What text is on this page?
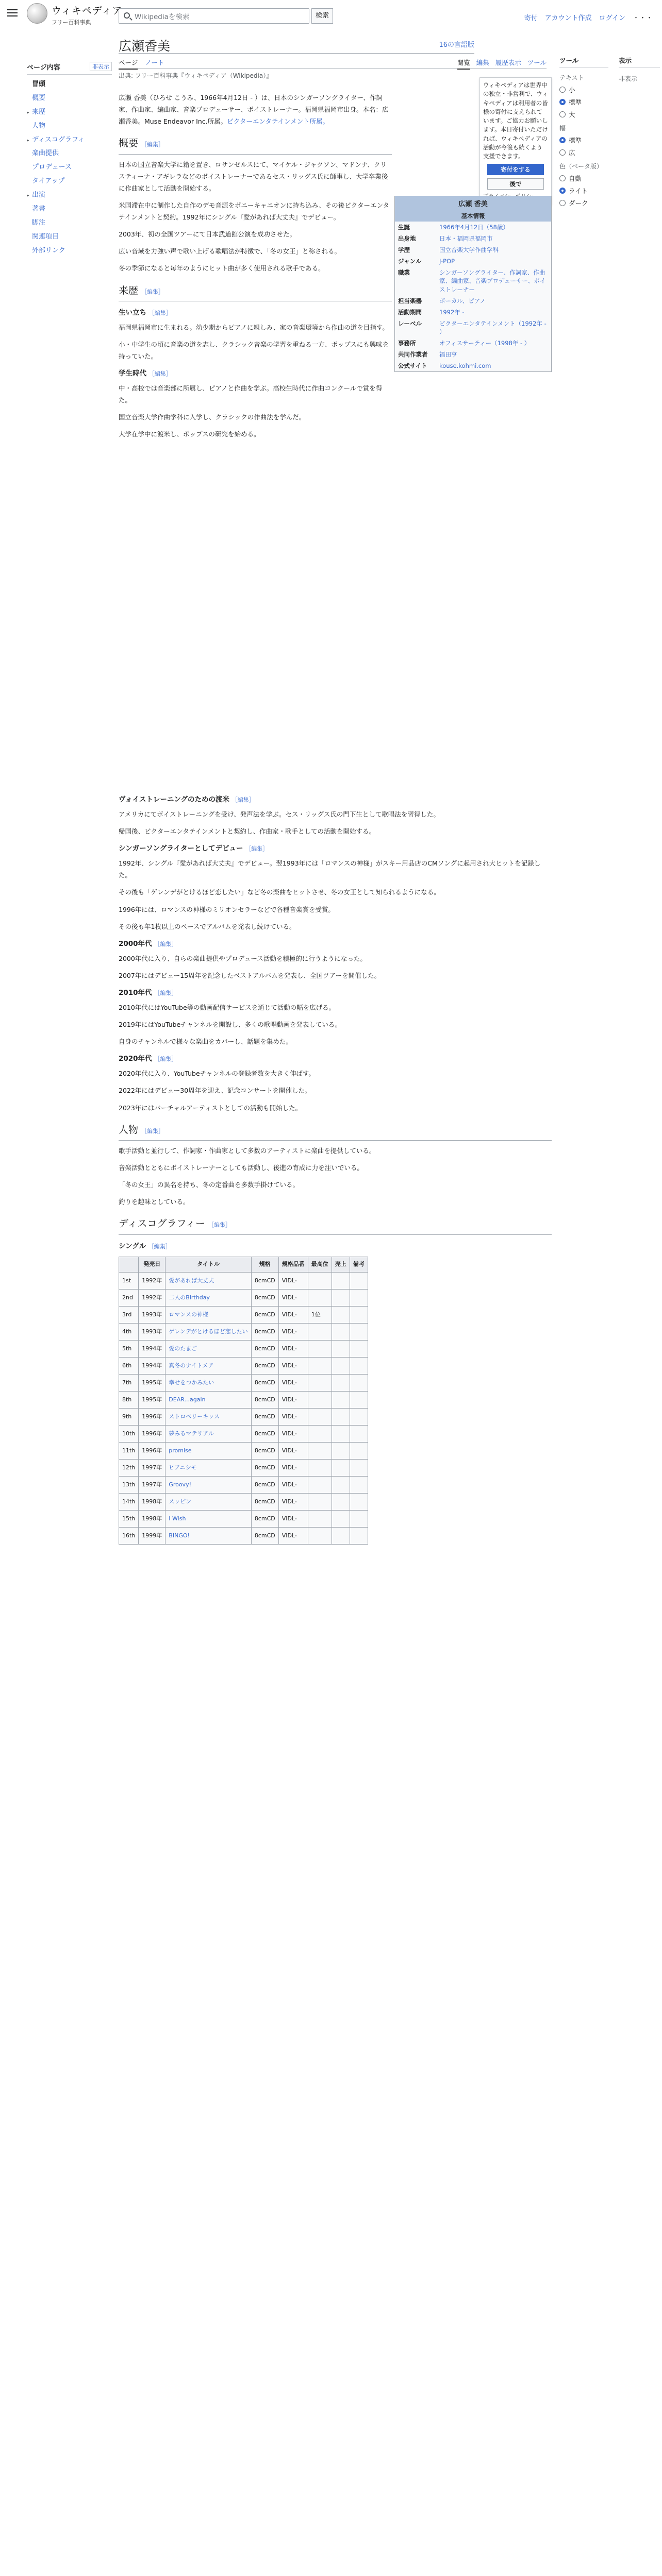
ウィキペディア
フリー百科事典
Wikipediaを検索	検索	寄付 アカウント作成 ログイン ・・・
広瀬香美	16の言語版
ページ ノート	閲覧 編集 履歴表示 ツール
出典: フリー百科事典『ウィキペディア（Wikipedia）』
ページ内容	非表示
冒頭
概要
▸ 来歴
人物
▸ ディスコグラフィ
楽曲提供
プロデュース
タイアップ
▸ 出演
著書
脚注
関連項目
外部リンク
ツール
テキスト
小
標準
大
幅
標準
広
色（ベータ版）
自動
ライト
ダーク
表示
非表示
ウィキペディアは世界中の独立・非営利で、ウィキペディアは利用者の皆様の寄付に支えられています。ご協力お願いします。本日寄付いただければ、ウィキペディアの活動が今後も続くよう支援できます。
寄付をする
後で
広瀬 香美
基本情報
生誕	1966年4月12日（58歳）
出身地	日本・福岡県福岡市
学歴	国立音楽大学作曲学科
ジャンル	J-POP
職業	シンガーソングライター、作詞家、作曲家、編曲家、音楽プロデューサー、ボイストレーナー
担当楽器	ボーカル、ピアノ
活動期間	1992年 -
レーベル	ビクターエンタテインメント（1992年 - ）
事務所	オフィスサーティー（1998年 - ）
共同作業者	福田亨
公式サイト	kouse.kohmi.com

広瀬 香美（ひろせ こうみ、1966年4月12日 - ）は、日本のシンガーソングライター、作詞家、作曲家、編曲家、音楽プロデューサー、ボイストレーナー。福岡県福岡市出身。本名：広瀬香美。Muse Endeavor Inc.所属。ビクターエンタテインメント所属。

概要 ［編集］

日本の国立音楽大学に籍を置き、ロサンゼルスにて、マイケル・ジャクソン、マドンナ、クリスティーナ・アギレラなどのボイストレーナーであるセス・リッグス氏に師事し、大学卒業後に作曲家として活動を開始する。

米国滞在中に制作した自作のデモ音源をポニーキャニオンに持ち込み、その後ビクターエンタテインメントと契約。1992年にシングル『愛があれば大丈夫』でデビュー。

2003年、初の全国ツアーにて日本武道館公演を成功させた。

広い音域を力強い声で歌い上げる歌唱法が特徴で、「冬の女王」と称される。

冬の季節になると毎年のようにヒット曲が多く使用される歌手である。

来歴 ［編集］
生い立ち ［編集］

福岡県福岡市に生まれる。幼少期からピアノに親しみ、家の音楽環境から作曲の道を目指す。

小・中学生の頃に音楽の道を志し、クラシック音楽の学習を重ねる一方、ポップスにも興味を持っていた。

学生時代 ［編集］

中・高校では音楽部に所属し、ピアノと作曲を学ぶ。高校生時代に作曲コンクールで賞を得た。

国立音楽大学作曲学科に入学し、クラシックの作曲法を学んだ。

大学在学中に渡米し、ポップスの研究を始める。

ヴォイストレーニングのための渡米 ［編集］

アメリカにてボイストレーニングを受け、発声法を学ぶ。セス・リッグス氏の門下生として歌唱法を習得した。

帰国後、ビクターエンタテインメントと契約し、作曲家・歌手としての活動を開始する。

シンガーソングライターとしてデビュー ［編集］

1992年、シングル『愛があれば大丈夫』でデビュー。翌1993年には「ロマンスの神様」がスキー用品店のCMソングに起用され大ヒットを記録した。

その後も「ゲレンデがとけるほど恋したい」など冬の楽曲をヒットさせ、冬の女王として知られるようになる。

1996年には、ロマンスの神様のミリオンセラーなどで各種音楽賞を受賞。

その後も年1枚以上のペースでアルバムを発表し続けている。

2000年代 ［編集］

2000年代に入り、自らの楽曲提供やプロデュース活動を積極的に行うようになった。

2007年にはデビュー15周年を記念したベストアルバムを発表し、全国ツアーを開催した。

2010年代 ［編集］

2010年代にはYouTube等の動画配信サービスを通じて活動の幅を広げる。

2019年にはYouTubeチャンネルを開設し、多くの歌唱動画を発表している。

自身のチャンネルで様々な楽曲をカバーし、話題を集めた。

2020年代 ［編集］

2020年代に入り、YouTubeチャンネルの登録者数を大きく伸ばす。

2022年にはデビュー30周年を迎え、記念コンサートを開催した。

2023年にはバーチャルアーティストとしての活動も開始した。

人物 ［編集］

歌手活動と並行して、作詞家・作曲家として多数のアーティストに楽曲を提供している。

音楽活動とともにボイストレーナーとしても活動し、後進の育成に力を注いでいる。

「冬の女王」の異名を持ち、冬の定番曲を多数手掛けている。

釣りを趣味としている。

ディスコグラフィー ［編集］
シングル ［編集］
	発売日	タイトル	規格	規格品番	最高位	売上	備考
1st	1992年	愛があれば大丈夫	8cmCD	VIDL-			
2nd	1992年	二人のBirthday	8cmCD	VIDL-			
3rd	1993年	ロマンスの神様	8cmCD	VIDL-	1位		
4th	1993年	ゲレンデがとけるほど恋したい	8cmCD	VIDL-			
5th	1994年	愛のたまご	8cmCD	VIDL-			
6th	1994年	真冬のナイトメア	8cmCD	VIDL-			
7th	1995年	幸せをつかみたい	8cmCD	VIDL-			
8th	1995年	DEAR...again	8cmCD	VIDL-			
9th	1996年	ストロベリーキッス	8cmCD	VIDL-			
10th	1996年	夢みるマテリアル	8cmCD	VIDL-			
11th	1996年	promise	8cmCD	VIDL-			
12th	1997年	ピアニシモ	8cmCD	VIDL-			
13th	1997年	Groovy!	8cmCD	VIDL-			
14th	1998年	スッピン	8cmCD	VIDL-			
15th	1998年	I Wish	8cmCD	VIDL-			
16th	1999年	BINGO!	8cmCD	VIDL-			
